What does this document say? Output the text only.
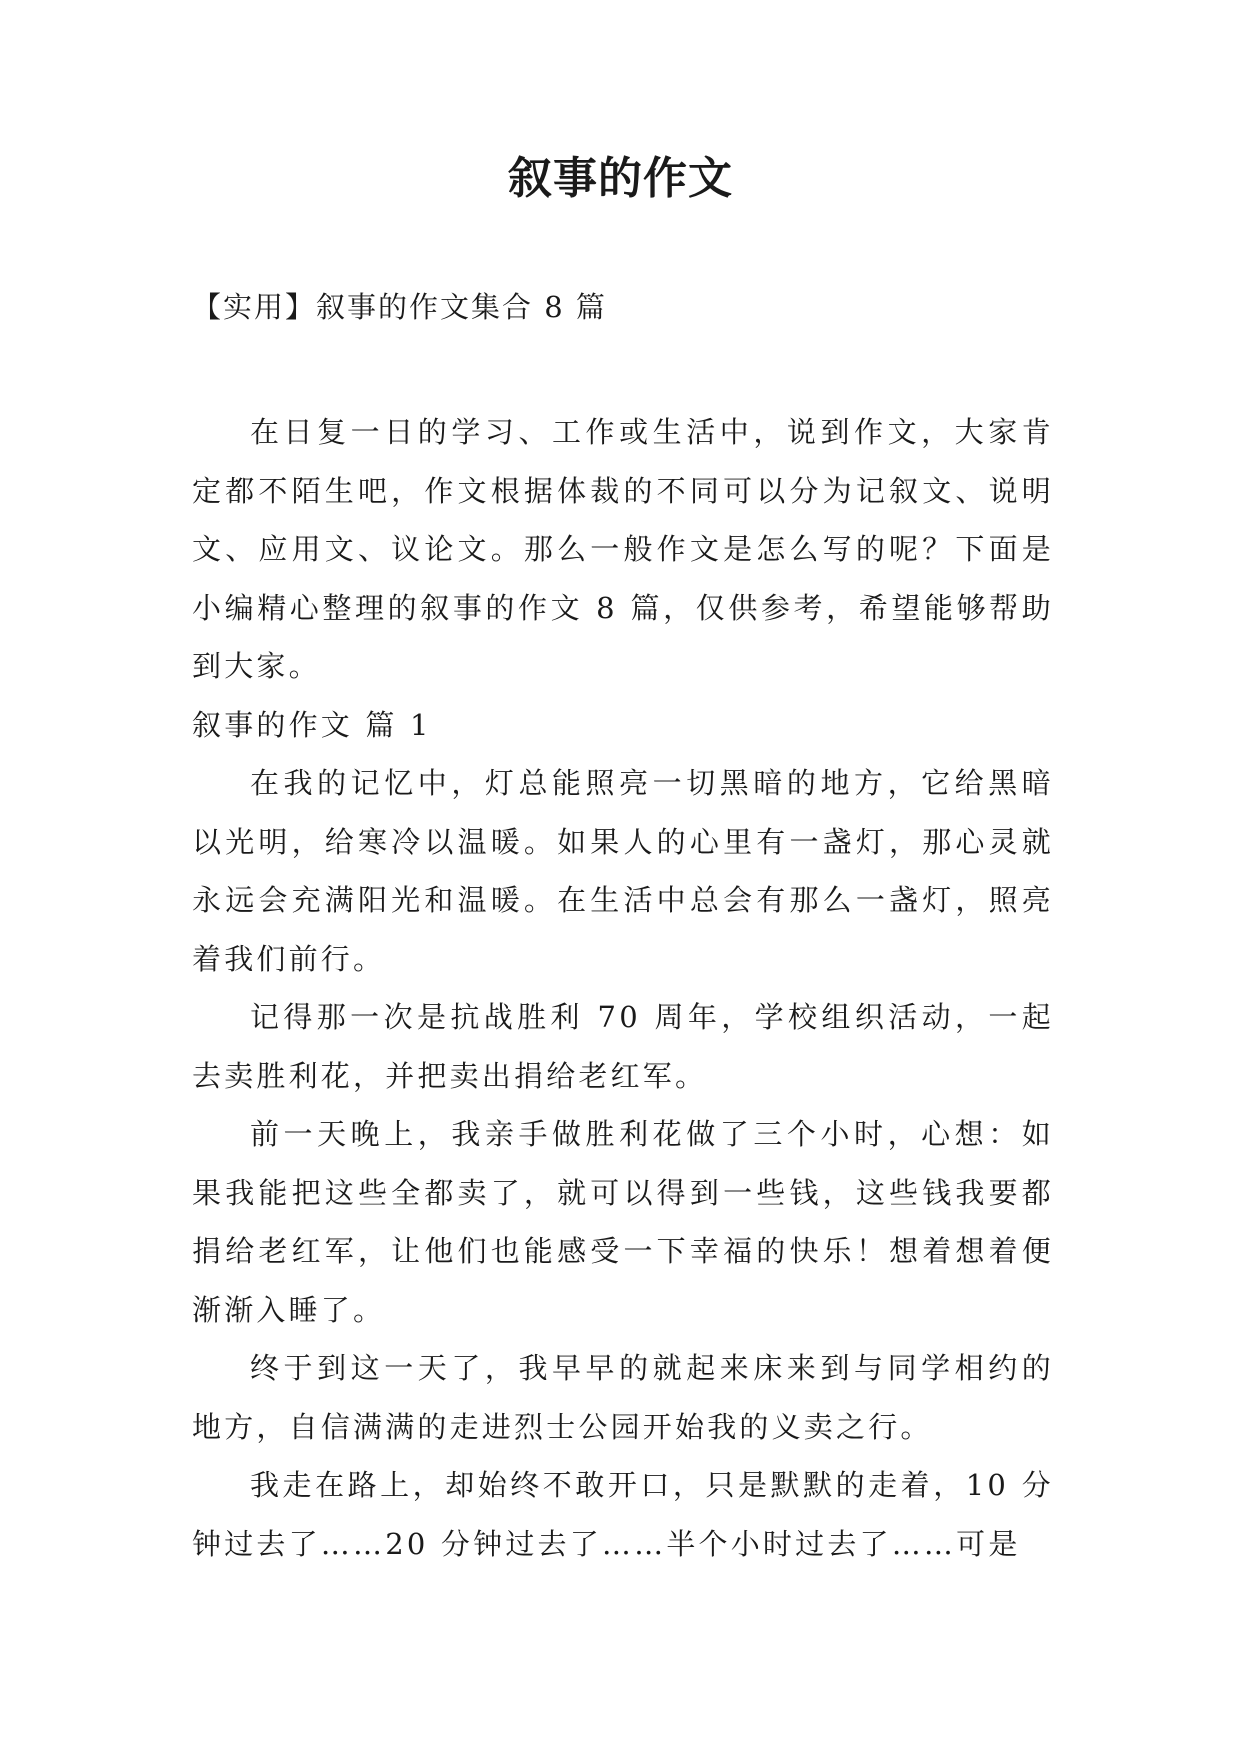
叙事的作文
【实用】叙事的作文集合 8 篇

在日复一日的学习、工作或生活中，说到作文，大家肯定都不陌生吧，作文根据体裁的不同可以分为记叙文、说明文、应用文、议论文。那么一般作文是怎么写的呢？下面是小编精心整理的叙事的作文 8 篇，仅供参考，希望能够帮助到大家。

叙事的作文 篇 1

在我的记忆中，灯总能照亮一切黑暗的地方，它给黑暗以光明，给寒冷以温暖。如果人的心里有一盏灯，那心灵就永远会充满阳光和温暖。在生活中总会有那么一盏灯，照亮着我们前行。

记得那一次是抗战胜利 70 周年，学校组织活动，一起去卖胜利花，并把卖出捐给老红军。

前一天晚上，我亲手做胜利花做了三个小时，心想：如果我能把这些全都卖了，就可以得到一些钱，这些钱我要都捐给老红军，让他们也能感受一下幸福的快乐！想着想着便渐渐入睡了。

终于到这一天了，我早早的就起来床来到与同学相约的地方，自信满满的走进烈士公园开始我的义卖之行。

我走在路上，却始终不敢开口，只是默默的走着，10 分钟过去了……20 分钟过去了……半个小时过去了……可是
